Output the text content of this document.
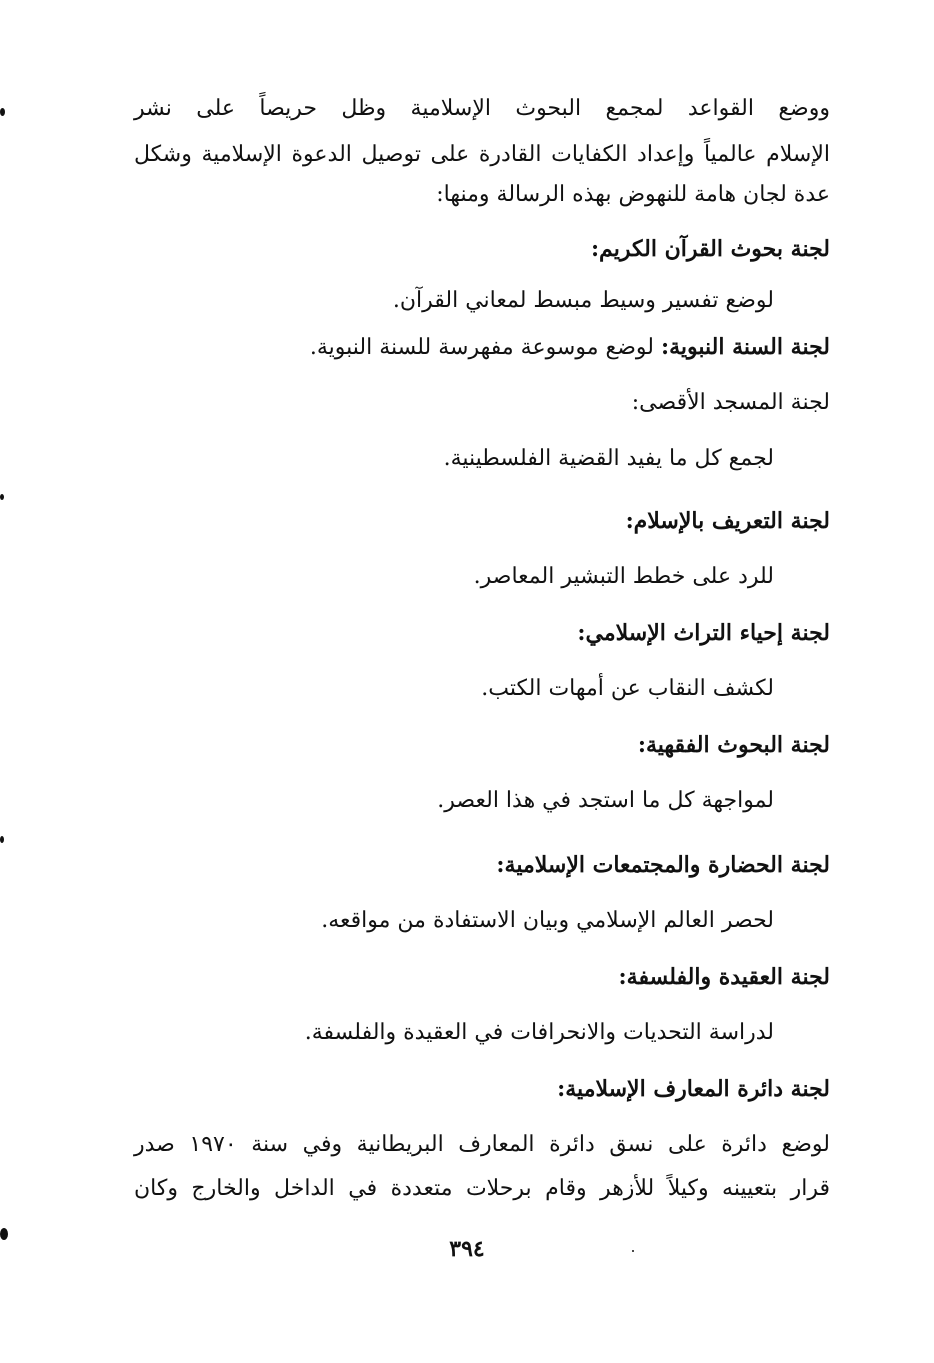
ووضع القواعد لمجمع البحوث الإسلامية وظل حريصاً على نشر
الإسلام عالمياً وإعداد الكفايات القادرة على توصيل الدعوة الإسلامية وشكل
عدة لجان هامة للنهوض بهذه الرسالة ومنها:
لجنة بحوث القرآن الكريم:
لوضع تفسير وسيط مبسط لمعاني القرآن.
لجنة السنة النبوية: لوضع موسوعة مفهرسة للسنة النبوية.
لجنة المسجد الأقصى:
لجمع كل ما يفيد القضية الفلسطينية.
لجنة التعريف بالإسلام:
للرد على خطط التبشير المعاصر.
لجنة إحياء التراث الإسلامي:
لكشف النقاب عن أمهات الكتب.
لجنة البحوث الفقهية:
لمواجهة كل ما استجد في هذا العصر.
لجنة الحضارة والمجتمعات الإسلامية:
لحصر العالم الإسلامي وبيان الاستفادة من مواقعه.
لجنة العقيدة والفلسفة:
لدراسة التحديات والانحرافات في العقيدة والفلسفة.
لجنة دائرة المعارف الإسلامية:
لوضع دائرة على نسق دائرة المعارف البريطانية وفي سنة ١٩٧٠ صدر
قرار بتعيينه وكيلاً للأزهر وقام برحلات متعددة في الداخل والخارج وكان
٣٩٤
